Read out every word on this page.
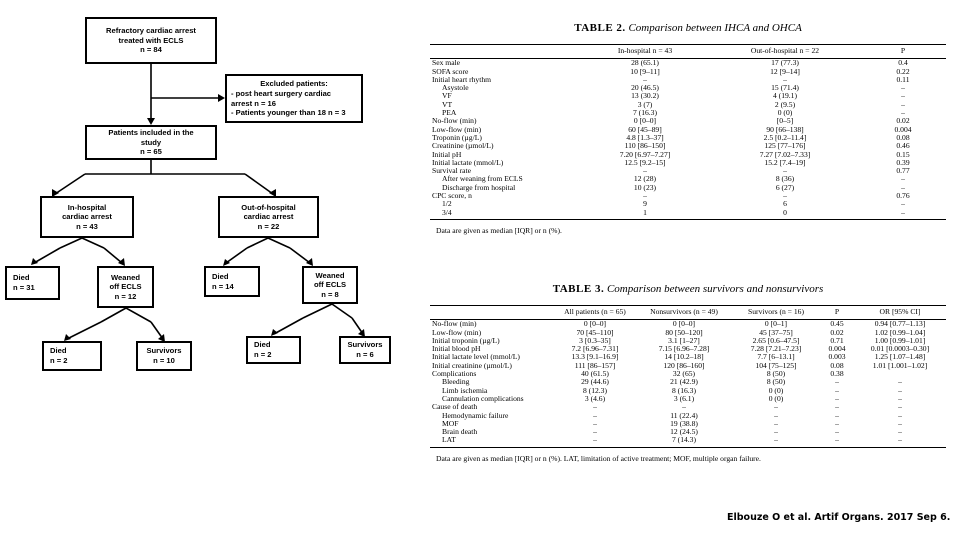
Refractory cardiac arrest
treated with ECLS
n = 84
Excluded patients:
- post heart surgery cardiac
arrest n = 16
- Patients younger than 18 n = 3
Patients included in the
study
n = 65
In-hospital
cardiac arrest
n = 43
Out-of-hospital
cardiac arrest
n = 22
Died
n = 31
Weaned
off ECLS
n = 12
Died
n = 14
Weaned
off ECLS
n = 8
Died
n = 2
Survivors
n = 10
Died
n = 2
Survivors
n = 6
TABLE 2. Comparison between IHCA and OHCA
	In-hospital n = 43	Out-of-hospital n = 22	P
Sex male	28 (65.1)	17 (77.3)	0.4
SOFA score	10 [9–11]	12 [9–14]	0.22
Initial heart rhythm	–	–	0.11
Asystole	20 (46.5)	15 (71.4)	–
VF	13 (30.2)	4 (19.1)	–
VT	3 (7)	2 (9.5)	–
PEA	7 (16.3)	0 (0)	–
No-flow (min)	0 [0–0]	[0–5]	0.02
Low-flow (min)	60 [45–89]	90 [66–138]	0.004
Troponin (µg/L)	4.8 [1.3–37]	2.5 [0.2–11.4]	0.08
Creatinine (µmol/L)	110 [86–150]	125 [77–176]	0.46
Initial pH	7.20 [6.97–7.27]	7.27 [7.02–7.33]	0.15
Initial lactate (mmol/L)	12.5 [9.2–15]	15.2 [7.4–19]	0.39
Survival rate	–	–	0.77
After weaning from ECLS	12 (28)	8 (36)	–
Discharge from hospital	10 (23)	6 (27)	–
CPC score, n	–	–	0.76
1/2	9	6	–
3/4	1	0	–
Data are given as median [IQR] or n (%).
TABLE 3. Comparison between survivors and nonsurvivors
	All patients (n = 65)	Nonsurvivors (n = 49)	Survivors (n = 16)	P	OR [95% CI]
No-flow (min)	0 [0–0]	0 [0–0]	0 [0–1]	0.45	0.94 [0.77–1.13]
Low-flow (min)	70 [45–110]	80 [50–120]	45 [37–75]	0.02	1.02 [0.99–1.04]
Initial troponin (µg/L)	3 [0.3–35]	3.1 [1–27]	2.65 [0.6–47.5]	0.71	1.00 [0.99–1.01]
Initial blood pH	7.2 [6.96–7.31]	7.15 [6.96–7.28]	7.28 [7.21–7.23]	0.004	0.01 [0.0003–0.30]
Initial lactate level (mmol/L)	13.3 [9.1–16.9]	14 [10.2–18]	7.7 [6–13.1]	0.003	1.25 [1.07–1.48]
Initial creatinine (µmol/L)	111 [86–157]	120 [86–160]	104 [75–125]	0.08	1.01 [1.001–1.02]
Complications	40 (61.5)	32 (65)	8 (50)	0.38	
Bleeding	29 (44.6)	21 (42.9)	8 (50)	–	–
Limb ischemia	8 (12.3)	8 (16.3)	0 (0)	–	–
Cannulation complications	3 (4.6)	3 (6.1)	0 (0)	–	–
Cause of death	–	–	–	–	–
Hemodynamic failure	–	11 (22.4)	–	–	–
MOF	–	19 (38.8)	–	–	–
Brain death	–	12 (24.5)	–	–	–
LAT	–	7 (14.3)	–	–	–
Data are given as median [IQR] or n (%). LAT, limitation of active treatment; MOF, multiple organ failure.
Elbouze O et al. Artif Organs. 2017 Sep 6.
